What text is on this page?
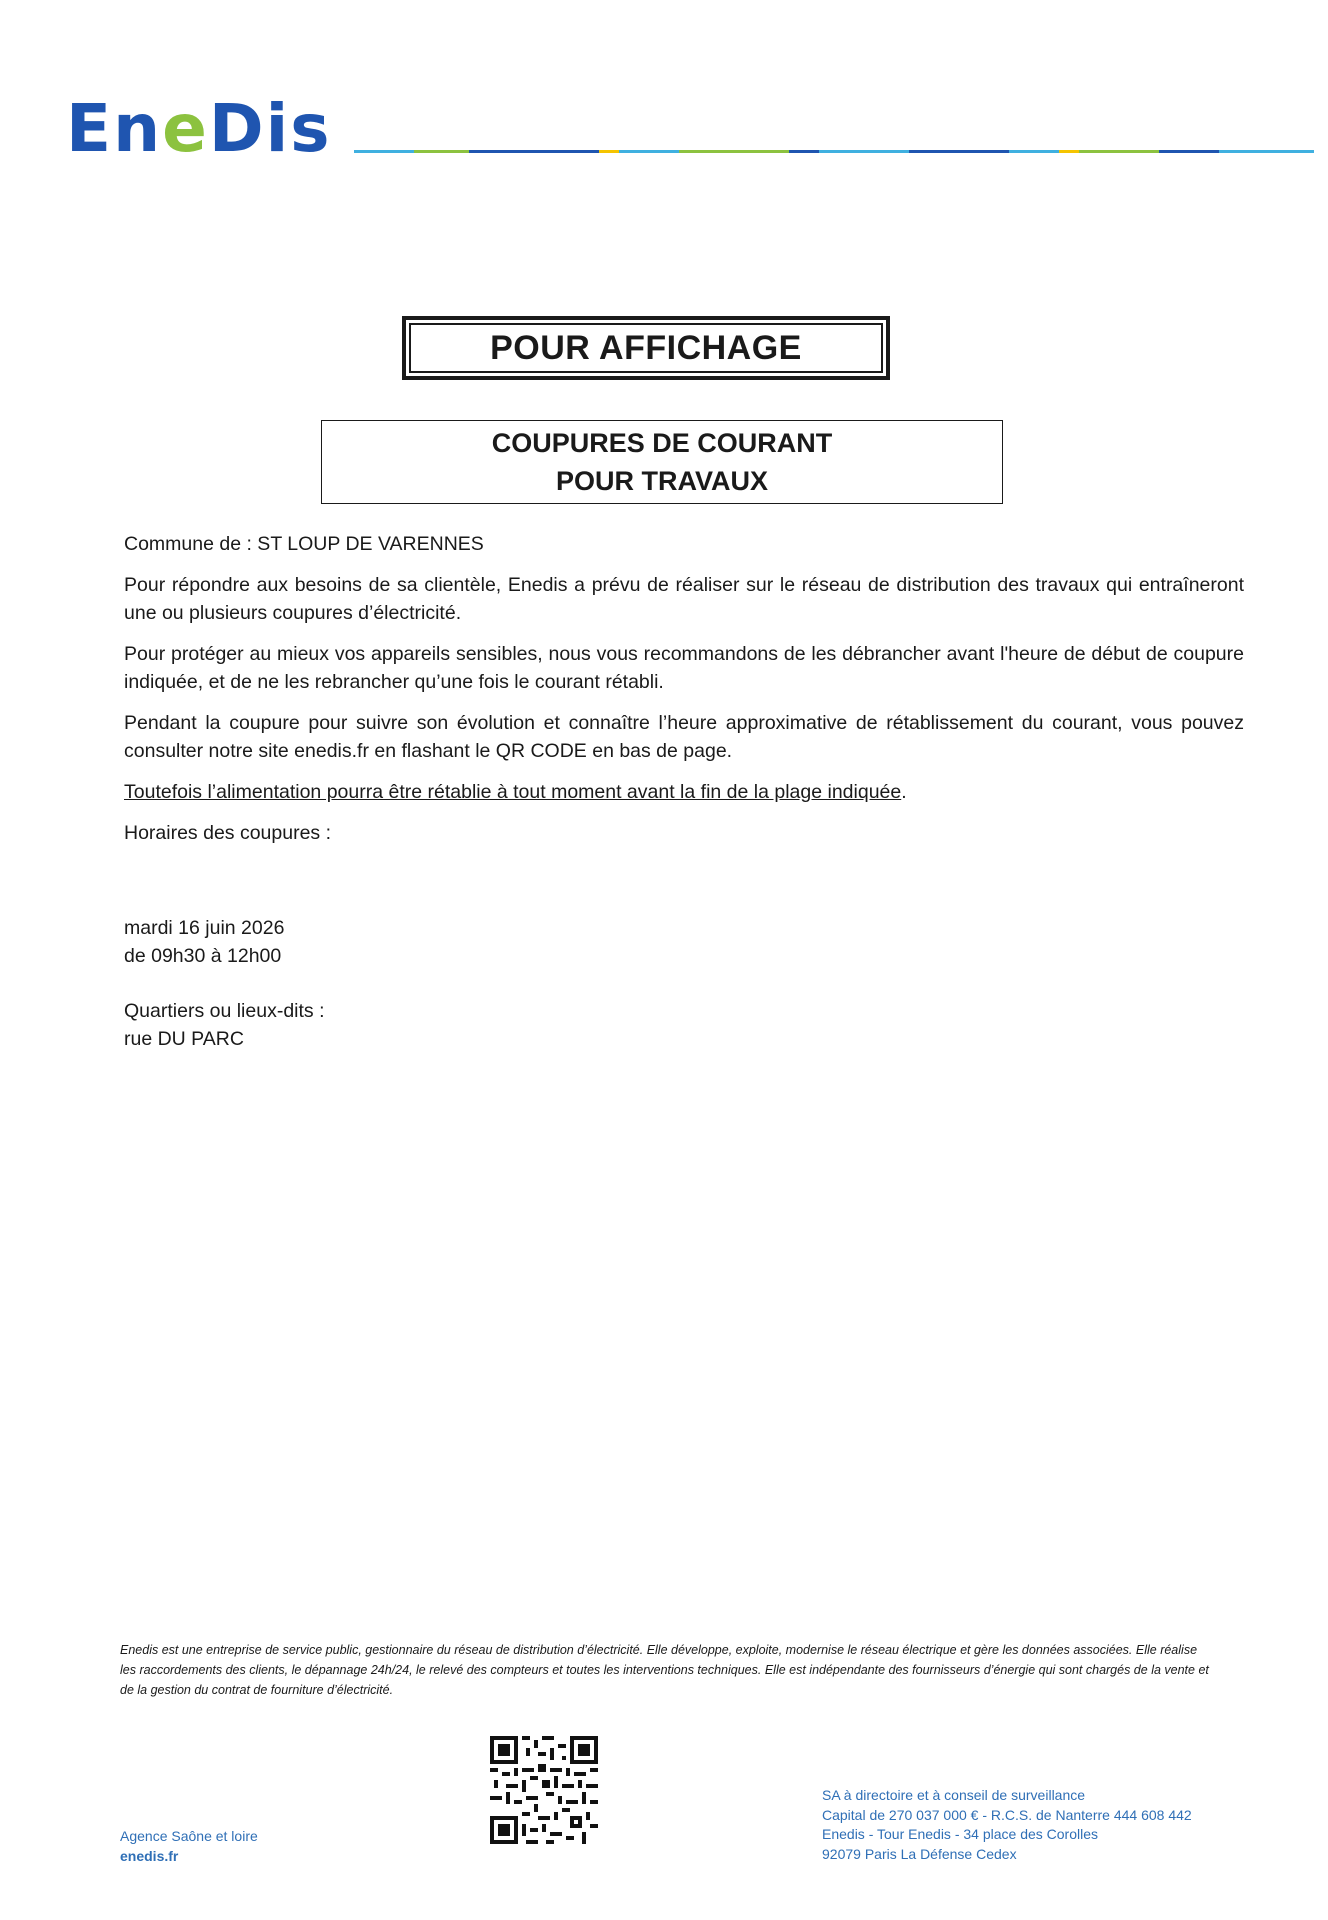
EneDis
POUR AFFICHAGE
COUPURES DE COURANT
POUR TRAVAUX

Commune de : ST LOUP DE VARENNES

Pour répondre aux besoins de sa clientèle, Enedis a prévu de réaliser sur le réseau de distribution des travaux qui entraîneront une ou plusieurs coupures d’électricité.

Pour protéger au mieux vos appareils sensibles, nous vous recommandons de les débrancher avant l'heure de début de coupure indiquée, et de ne les rebrancher qu’une fois le courant rétabli.

Pendant la coupure pour suivre son évolution et connaître l’heure approximative de rétablissement du courant, vous pouvez consulter notre site enedis.fr en flashant le QR CODE en bas de page.

Toutefois l’alimentation pourra être rétablie à tout moment avant la fin de la plage indiquée.

Horaires des coupures :

mardi 16 juin 2026
de 09h30 à 12h00
Quartiers ou lieux-dits :
rue DU PARC
Enedis est une entreprise de service public, gestionnaire du réseau de distribution d’électricité. Elle développe, exploite, modernise le réseau électrique et gère les données associées. Elle réalise les raccordements des clients, le dépannage 24h/24, le relevé des compteurs et toutes les interventions techniques. Elle est indépendante des fournisseurs d’énergie qui sont chargés de la vente et de la gestion du contrat de fourniture d’électricité.
Agence Saône et loire
enedis.fr
SA à directoire et à conseil de surveillance
Capital de 270 037 000 € - R.C.S. de Nanterre 444 608 442
Enedis - Tour Enedis - 34 place des Corolles
92079 Paris La Défense Cedex
